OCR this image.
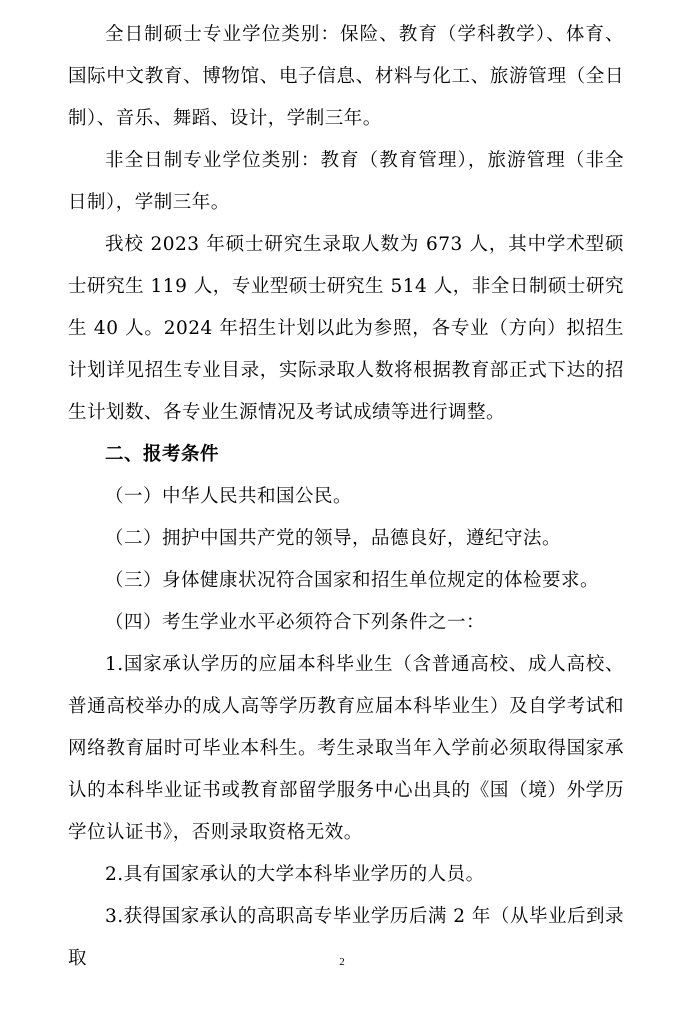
全日制硕士专业学位类别：保险、教育（学科教学）、体育、国际中文教育、博物馆、电子信息、材料与化工、旅游管理（全日制）、音乐、舞蹈、设计，学制三年。

非全日制专业学位类别：教育（教育管理），旅游管理（非全日制），学制三年。

我校 2023 年硕士研究生录取人数为 673 人，其中学术型硕士研究生 119 人，专业型硕士研究生 514 人，非全日制硕士研究生 40 人。2024 年招生计划以此为参照，各专业（方向）拟招生计划详见招生专业目录，实际录取人数将根据教育部正式下达的招生计划数、各专业生源情况及考试成绩等进行调整。

二、报考条件

（一）中华人民共和国公民。

（二）拥护中国共产党的领导，品德良好，遵纪守法。

（三）身体健康状况符合国家和招生单位规定的体检要求。

（四）考生学业水平必须符合下列条件之一：

1.国家承认学历的应届本科毕业生（含普通高校、成人高校、普通高校举办的成人高等学历教育应届本科毕业生）及自学考试和网络教育届时可毕业本科生。考生录取当年入学前必须取得国家承认的本科毕业证书或教育部留学服务中心出具的《国（境）外学历学位认证书》，否则录取资格无效。

2.具有国家承认的大学本科毕业学历的人员。

3.获得国家承认的高职高专毕业学历后满 2 年（从毕业后到录取	2
